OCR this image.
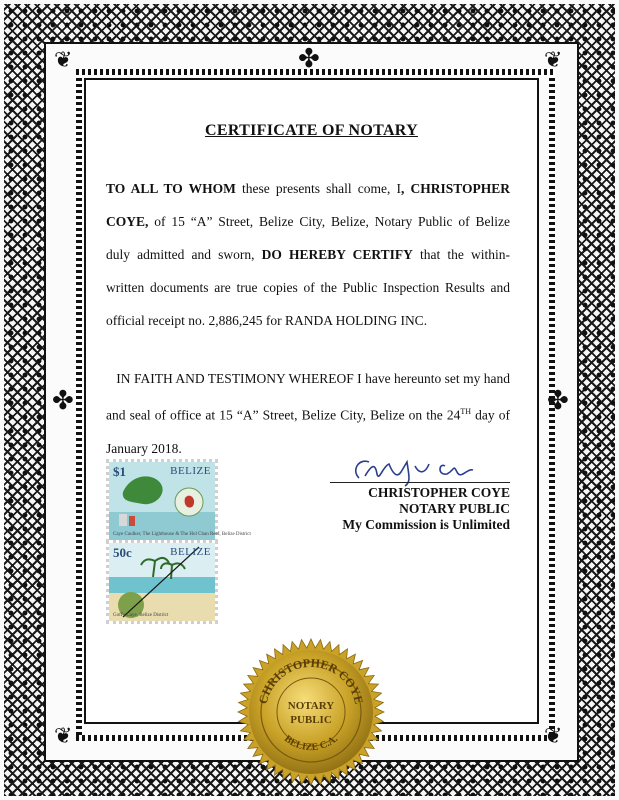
❦	❦
❦	❦
✤
✤	✤
CERTIFICATE OF NOTARY

TO ALL TO WHOM these presents shall come, I, CHRISTOPHER COYE, of 15 “A” Street, Belize City, Belize, Notary Public of Belize duly admitted and sworn, DO HEREBY CERTIFY that the within-written documents are true copies of the Public Inspection Results and official receipt no. 2,886,245 for RANDA HOLDING INC.

IN FAITH AND TESTIMONY WHEREOF I have hereunto set my hand and seal of office at 15 “A” Street, Belize City, Belize on the 24TH day of January 2018.

CHRISTOPHER COYE
NOTARY PUBLIC
My Commission is Unlimited
$1	BELIZE
Caye Caulker, The Lighthouse & The Hol Chan Reef, Belize District
50c	BELIZE
Goff's Caye, Belize District
CHRISTOPHER COYE
BELIZE C.A.
NOTARY
PUBLIC
